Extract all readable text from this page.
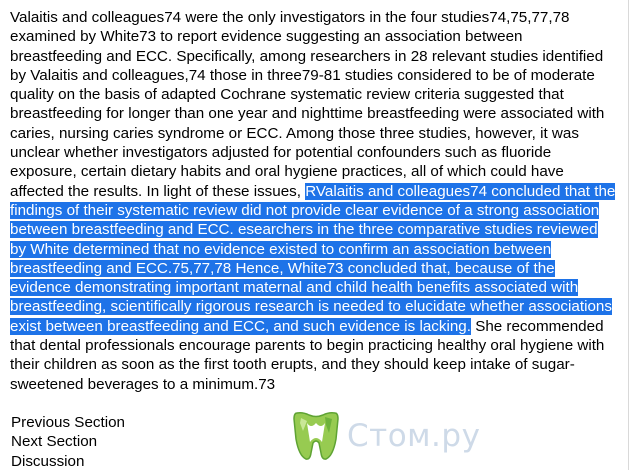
Valaitis and colleagues74 were the only investigators in the four studies74,75,77,78 examined by White73 to report evidence suggesting an association between breastfeeding and ECC. Specifically, among researchers in 28 relevant studies identified by Valaitis and colleagues,74 those in three79-81 studies considered to be of moderate quality on the basis of adapted Cochrane systematic review criteria suggested that breastfeeding for longer than one year and nighttime breastfeeding were associated with caries, nursing caries syndrome or ECC. Among those three studies, however, it was unclear whether investigators adjusted for potential confounders such as fluoride exposure, certain dietary habits and oral hygiene practices, all of which could have affected the results. In light of these issues, RValaitis and colleagues74 concluded that the findings of their systematic review did not provide clear evidence of a strong association between breastfeeding and ECC. esearchers in the three comparative studies reviewed by White determined that no evidence existed to confirm an association between breastfeeding and ECC.75,77,78 Hence, White73 concluded that, because of the evidence demonstrating important maternal and child health benefits associated with breastfeeding, scientifically rigorous research is needed to elucidate whether associations exist between breastfeeding and ECC, and such evidence is lacking. She recommended that dental professionals encourage parents to begin practicing healthy oral hygiene with their children as soon as the first tooth erupts, and they should keep intake of sugar-sweetened beverages to a minimum.73

Previous Section
Next Section
Discussion
Стом.ру
